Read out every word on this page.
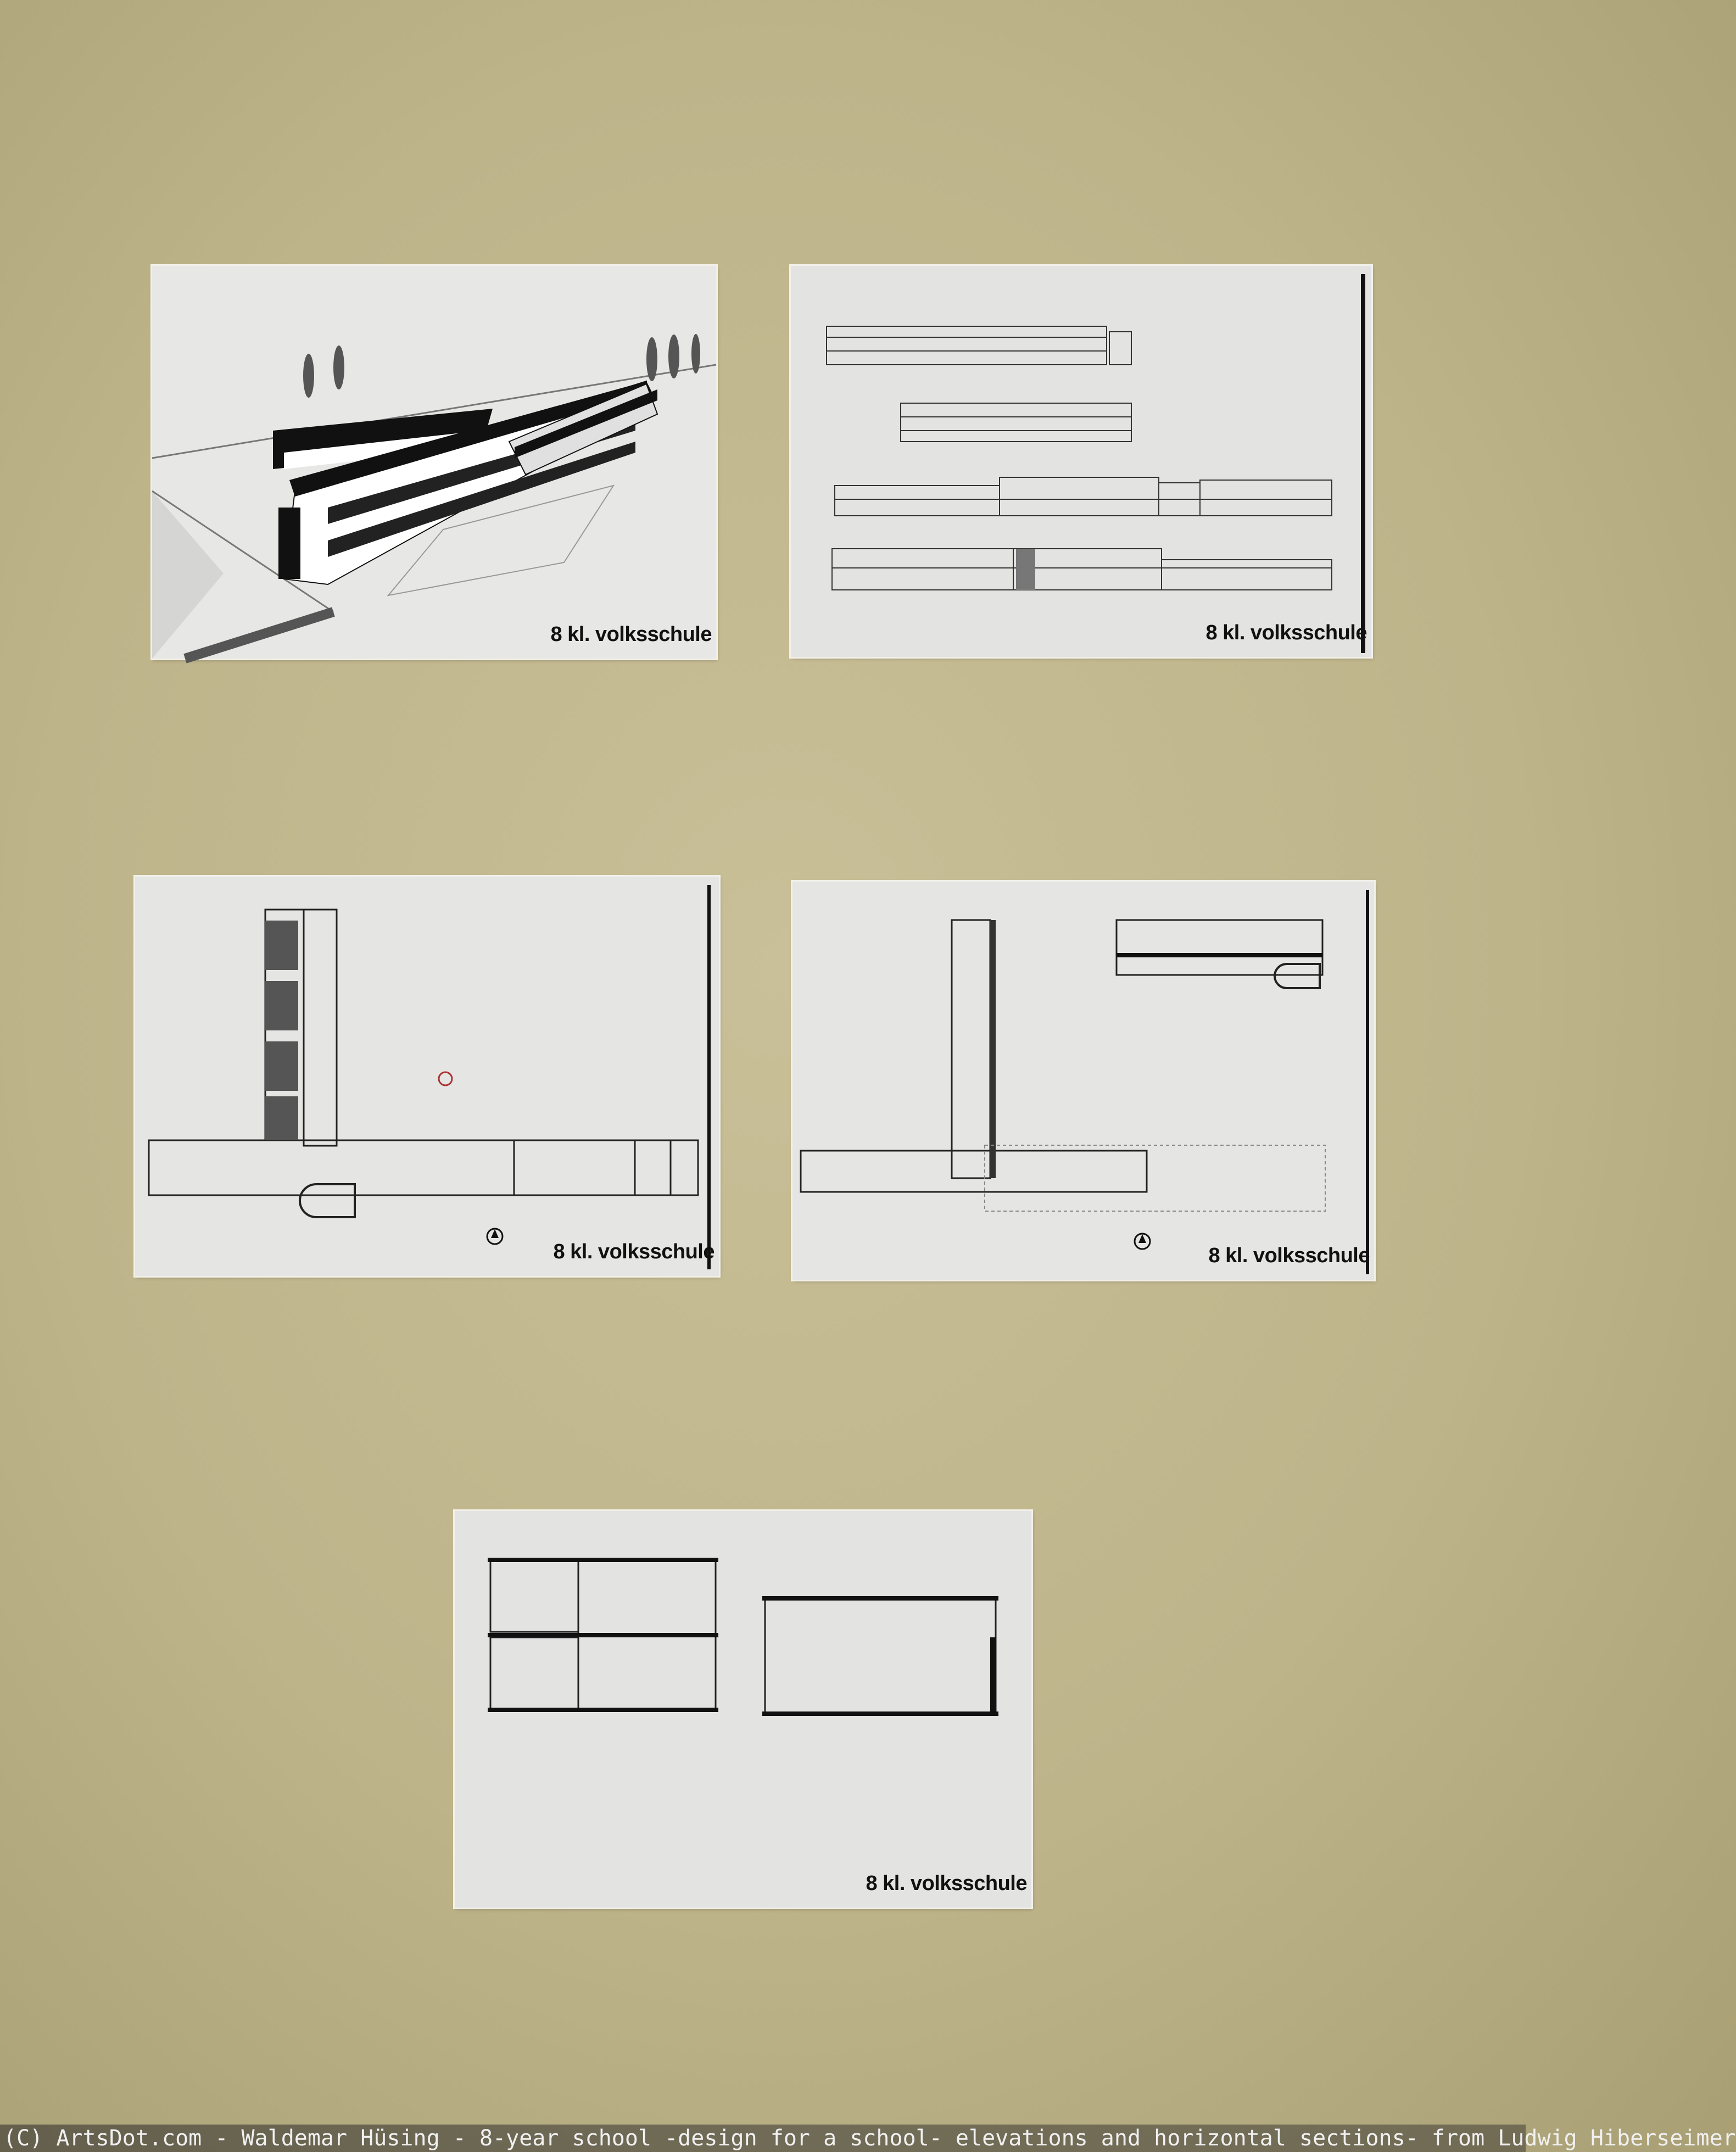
8 kl. volksschule	8 kl. volksschule
8 kl. volksschule	8 kl. volksschule
8 kl. volksschule
(C) ArtsDot.com - Waldemar Hüsing - 8-year school -design for a school- elevations and horizontal sections- from Ludwig Hiberseimer
